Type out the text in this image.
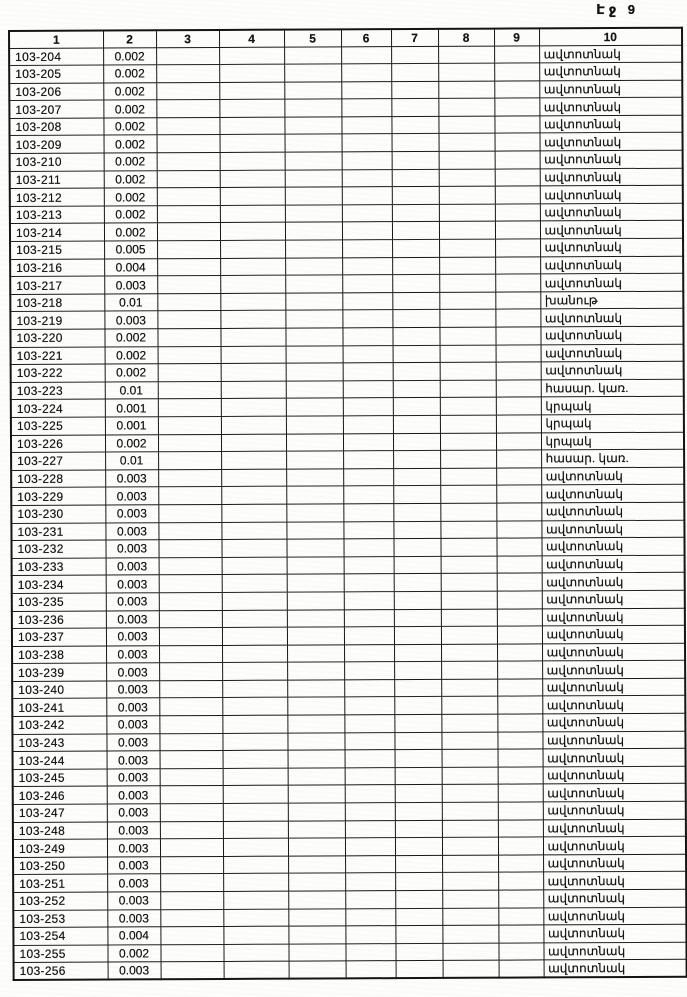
Էջ 9
1	2	3	4	5	6	7	8	9	10
103-204	0.002								ավտոտնակ
103-205	0.002								ավտոտնակ
103-206	0.002								ավտոտնակ
103-207	0.002								ավտոտնակ
103-208	0.002								ավտոտնակ
103-209	0.002								ավտոտնակ
103-210	0.002								ավտոտնակ
103-211	0.002								ավտոտնակ
103-212	0.002								ավտոտնակ
103-213	0.002								ավտոտնակ
103-214	0.002								ավտոտնակ
103-215	0.005								ավտոտնակ
103-216	0.004								ավտոտնակ
103-217	0.003								ավտոտնակ
103-218	0.01								խանութ
103-219	0.003								ավտոտնակ
103-220	0.002								ավտոտնակ
103-221	0.002								ավտոտնակ
103-222	0.002								ավտոտնակ
103-223	0.01								հասար. կառ.
103-224	0.001								կրպակ
103-225	0.001								կրպակ
103-226	0.002								կրպակ
103-227	0.01								հասար. կառ.
103-228	0.003								ավտոտնակ
103-229	0.003								ավտոտնակ
103-230	0.003								ավտոտնակ
103-231	0.003								ավտոտնակ
103-232	0.003								ավտոտնակ
103-233	0.003								ավտոտնակ
103-234	0.003								ավտոտնակ
103-235	0.003								ավտոտնակ
103-236	0.003								ավտոտնակ
103-237	0.003								ավտոտնակ
103-238	0.003								ավտոտնակ
103-239	0.003								ավտոտնակ
103-240	0.003								ավտոտնակ
103-241	0.003								ավտոտնակ
103-242	0.003								ավտոտնակ
103-243	0.003								ավտոտնակ
103-244	0.003								ավտոտնակ
103-245	0.003								ավտոտնակ
103-246	0.003								ավտոտնակ
103-247	0.003								ավտոտնակ
103-248	0.003								ավտոտնակ
103-249	0.003								ավտոտնակ
103-250	0.003								ավտոտնակ
103-251	0.003								ավտոտնակ
103-252	0.003								ավտոտնակ
103-253	0.003								ավտոտնակ
103-254	0.004								ավտոտնակ
103-255	0.002								ավտոտնակ
103-256	0.003								ավտոտնակ
